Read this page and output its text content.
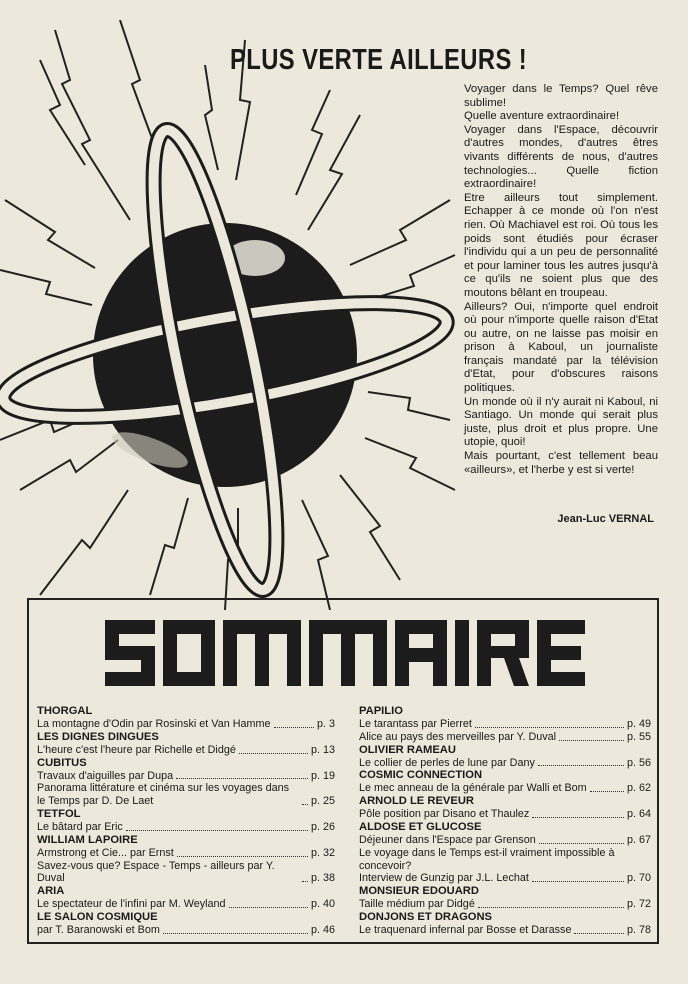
PLUS VERTE AILLEURS !

Voyager dans le Temps? Quel rêve sublime!

Quelle aventure extraordinaire!

Voyager dans l'Espace, découvrir d'autres mondes, d'autres êtres vivants différents de nous, d'autres technologies... Quelle fiction extraordinaire!

Etre ailleurs tout simplement. Echapper à ce monde où l'on n'est rien. Où Machiavel est roi. Où tous les poids sont étudiés pour écraser l'individu qui a un peu de personnalité et pour laminer tous les autres jusqu'à ce qu'ils ne soient plus que des moutons bêlant en troupeau.

Ailleurs? Oui, n'importe quel endroit où pour n'importe quelle raison d'Etat ou autre, on ne laisse pas moisir en prison à Kaboul, un journaliste français mandaté par la télévision d'Etat, pour d'obscures raisons politiques.

Un monde où il n'y aurait ni Kaboul, ni Santiago. Un monde qui serait plus juste, plus droit et plus propre. Une utopie, quoi!

Mais pourtant, c'est tellement beau «ailleurs», et l'herbe y est si verte!

Jean-Luc VERNAL
THORGAL
La montagne d'Odin par Rosinski et Van Hamme	p. 3
LES DIGNES DINGUES
L'heure c'est l'heure par Richelle et Didgé	p. 13
CUBITUS
Travaux d'aiguilles par Dupa	p. 19
Panorama littérature et cinéma sur les voyages dans le Temps par D. De Laet	p. 25
TETFOL
Le bâtard par Eric	p. 26
WILLIAM LAPOIRE
Armstrong et Cie... par Ernst	p. 32
Savez-vous que? Espace - Temps - ailleurs par Y. Duval	p. 38
ARIA
Le spectateur de l'infini par M. Weyland	p. 40
LE SALON COSMIQUE
par T. Baranowski et Bom	p. 46
PAPILIO
Le tarantass par Pierret	p. 49
Alice au pays des merveilles par Y. Duval	p. 55
OLIVIER RAMEAU
Le collier de perles de lune par Dany	p. 56
COSMIC CONNECTION
Le mec anneau de la générale par Walli et Bom	p. 62
ARNOLD LE REVEUR
Pôle position par Disano et Thaulez	p. 64
ALDOSE ET GLUCOSE
Déjeuner dans l'Espace par Grenson	p. 67
Le voyage dans le Temps est-il vraiment impossible à concevoir?
Interview de Gunzig par J.L. Lechat	p. 70
MONSIEUR EDOUARD
Taille médium par Didgé	p. 72
DONJONS ET DRAGONS
Le traquenard infernal par Bosse et Darasse	p. 78
